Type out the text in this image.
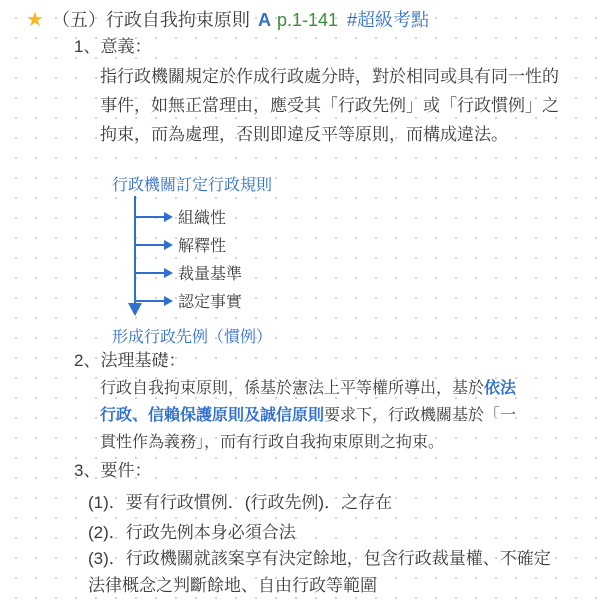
★ （五）行政自我拘束原則 A p.1-141 #超級考點
1、意義：
指行政機關規定於作成行政處分時，對於相同或具有同一性的事件，如無正當理由，應受其「行政先例」或「行政慣例」之拘束，而為處理，否則即違反平等原則，而構成違法。
行政機關訂定行政規則
組織性
解釋性
裁量基準
認定事實
形成行政先例（慣例）
2、法理基礎：
行政自我拘束原則，係基於憲法上平等權所導出，基於依法
行政、信賴保護原則及誠信原則要求下，行政機關基於「一
貫性作為義務」，而有行政自我拘束原則之拘束。
3、要件：
(1)．要有行政慣例．(行政先例)．之存在
(2)．行政先例本身必須合法
(3)．行政機關就該案享有決定餘地，包含行政裁量權、不確定法律概念之判斷餘地、自由行政等範圍
